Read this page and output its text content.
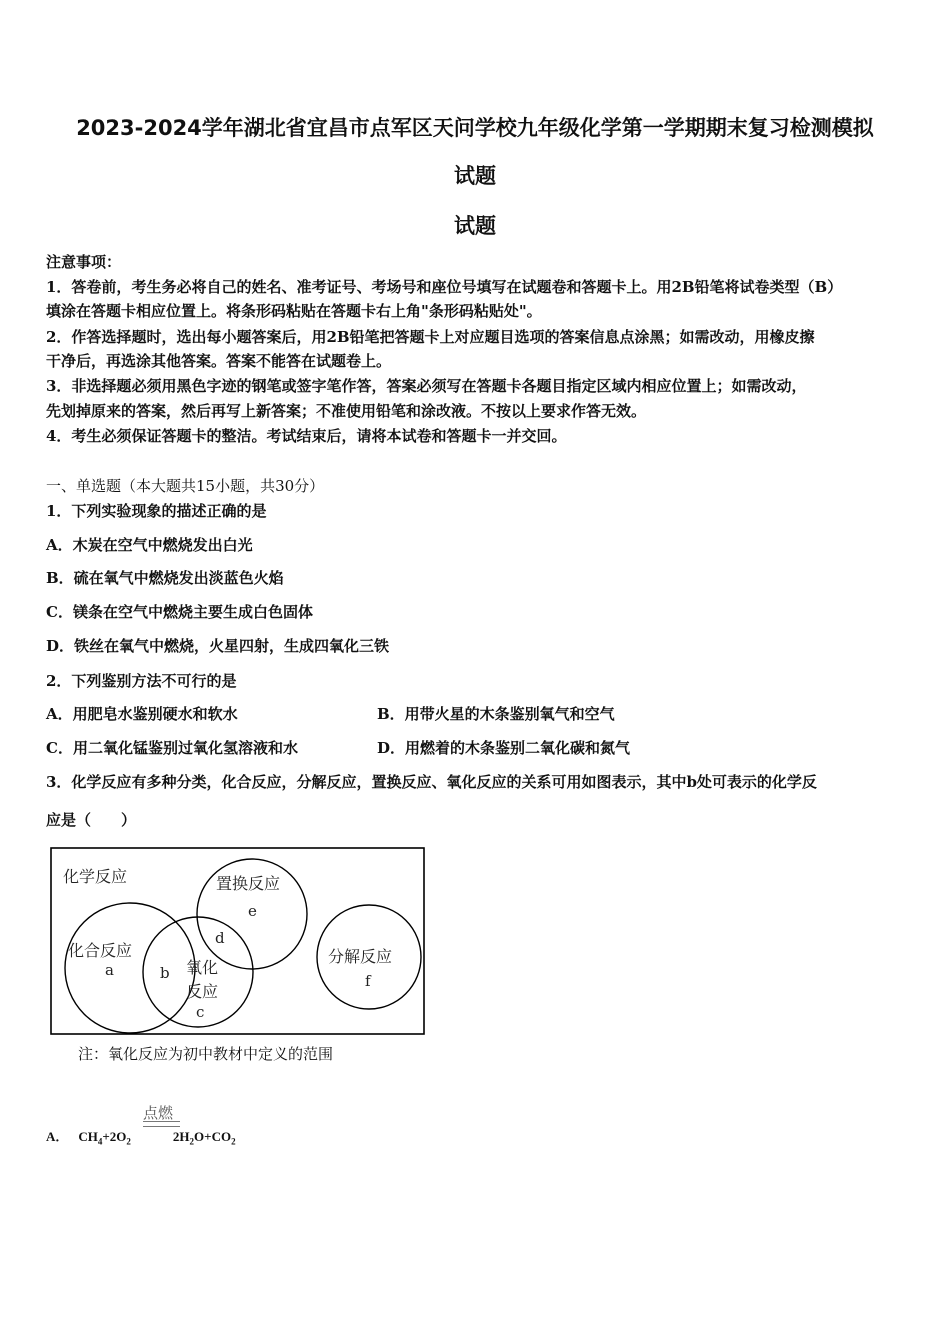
2023-2024学年湖北省宜昌市点军区天问学校九年级化学第一学期期末复习检测模拟
试题
试题
注意事项：
1．答卷前，考生务必将自己的姓名、准考证号、考场号和座位号填写在试题卷和答题卡上。用2B铅笔将试卷类型（B）
填涂在答题卡相应位置上。将条形码粘贴在答题卡右上角"条形码粘贴处"。
2．作答选择题时，选出每小题答案后，用2B铅笔把答题卡上对应题目选项的答案信息点涂黑；如需改动，用橡皮擦
干净后，再选涂其他答案。答案不能答在试题卷上。
3．非选择题必须用黑色字迹的钢笔或签字笔作答，答案必须写在答题卡各题目指定区域内相应位置上；如需改动，
先划掉原来的答案，然后再写上新答案；不准使用铅笔和涂改液。不按以上要求作答无效。
4．考生必须保证答题卡的整洁。考试结束后，请将本试卷和答题卡一并交回。
一、单选题（本大题共15小题，共30分）
1．下列实验现象的描述正确的是
A．木炭在空气中燃烧发出白光
B．硫在氧气中燃烧发出淡蓝色火焰
C．镁条在空气中燃烧主要生成白色固体
D．铁丝在氧气中燃烧，火星四射，生成四氧化三铁
2．下列鉴别方法不可行的是
A．用肥皂水鉴别硬水和软水	B．用带火星的木条鉴别氧气和空气
C．用二氧化锰鉴别过氧化氢溶液和水	D．用燃着的木条鉴别二氧化碳和氮气
3．化学反应有多种分类，化合反应，分解反应，置换反应、氧化反应的关系可用如图表示，其中b处可表示的化学反
应是（　　）
化学反应	置换反应
化合反应
氧化
反应
分解反应
e
d
a	b
c
f
注：氧化反应为初中教材中定义的范围
点燃
A． $CH_4+2O_2$	$2H_2O+CO_2$
